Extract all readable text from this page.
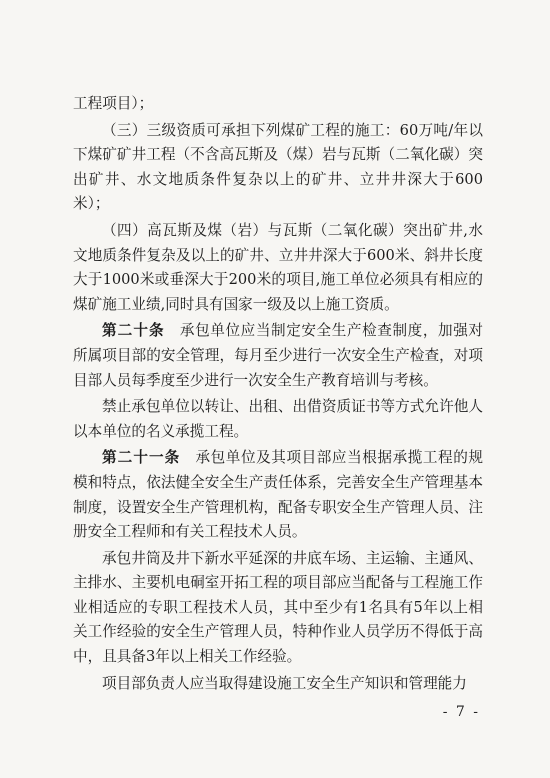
工程项目）；

（三）三级资质可承担下列煤矿工程的施工：60万吨/年以下煤矿矿井工程（不含高瓦斯及（煤）岩与瓦斯（二氧化碳）突出矿井、水文地质条件复杂以上的矿井、立井井深大于600米）；

（四）高瓦斯及煤（岩）与瓦斯（二氧化碳）突出矿井,水文地质条件复杂及以上的矿井、立井井深大于600米、斜井长度大于1000米或垂深大于200米的项目,施工单位必须具有相应的煤矿施工业绩,同时具有国家一级及以上施工资质。

第二十条　 承包单位应当制定安全生产检查制度，加强对所属项目部的安全管理，每月至少进行一次安全生产检查，对项目部人员每季度至少进行一次安全生产教育培训与考核。

禁止承包单位以转让、出租、出借资质证书等方式允许他人以本单位的名义承揽工程。

第二十一条　 承包单位及其项目部应当根据承揽工程的规模和特点，依法健全安全生产责任体系，完善安全生产管理基本制度，设置安全生产管理机构，配备专职安全生产管理人员、注册安全工程师和有关工程技术人员。

承包井筒及井下新水平延深的井底车场、主运输、主通风、主排水、主要机电硐室开拓工程的项目部应当配备与工程施工作业相适应的专职工程技术人员，其中至少有1名具有5年以上相关工作经验的安全生产管理人员，特种作业人员学历不得低于高中，且具备3年以上相关工作经验。

项目部负责人应当取得建设施工安全生产知识和管理能力

- 7 -
